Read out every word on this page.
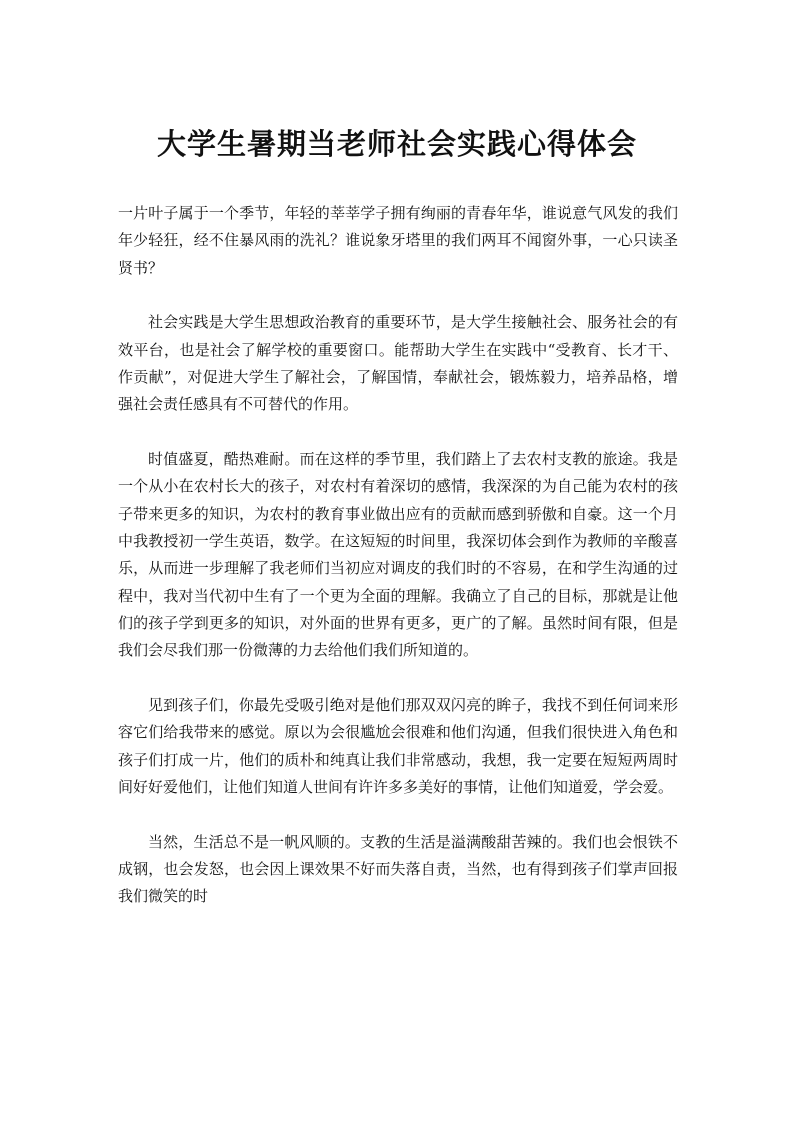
大学生暑期当老师社会实践心得体会

一片叶子属于一个季节，年轻的莘莘学子拥有绚丽的青春年华，谁说意气风发的我们年少轻狂，经不住暴风雨的洗礼？谁说象牙塔里的我们两耳不闻窗外事，一心只读圣贤书？

社会实践是大学生思想政治教育的重要环节，是大学生接触社会、服务社会的有效平台，也是社会了解学校的重要窗口。能帮助大学生在实践中“受教育、长才干、作贡献”，对促进大学生了解社会，了解国情，奉献社会，锻炼毅力，培养品格，增强社会责任感具有不可替代的作用。

时值盛夏，酷热难耐。而在这样的季节里，我们踏上了去农村支教的旅途。我是一个从小在农村长大的孩子，对农村有着深切的感情，我深深的为自己能为农村的孩子带来更多的知识，为农村的教育事业做出应有的贡献而感到骄傲和自豪。这一个月中我教授初一学生英语，数学。在这短短的时间里，我深切体会到作为教师的辛酸喜乐，从而进一步理解了我老师们当初应对调皮的我们时的不容易，在和学生沟通的过程中，我对当代初中生有了一个更为全面的理解。我确立了自己的目标，那就是让他们的孩子学到更多的知识，对外面的世界有更多，更广的了解。虽然时间有限，但是我们会尽我们那一份微薄的力去给他们我们所知道的。

见到孩子们，你最先受吸引绝对是他们那双双闪亮的眸子，我找不到任何词来形容它们给我带来的感觉。原以为会很尴尬会很难和他们沟通，但我们很快进入角色和孩子们打成一片，他们的质朴和纯真让我们非常感动，我想，我一定要在短短两周时间好好爱他们，让他们知道人世间有许许多多美好的事情，让他们知道爱，学会爱。

当然，生活总不是一帆风顺的。支教的生活是溢满酸甜苦辣的。我们也会恨铁不成钢，也会发怒，也会因上课效果不好而失落自责，当然，也有得到孩子们掌声回报我们微笑的时
